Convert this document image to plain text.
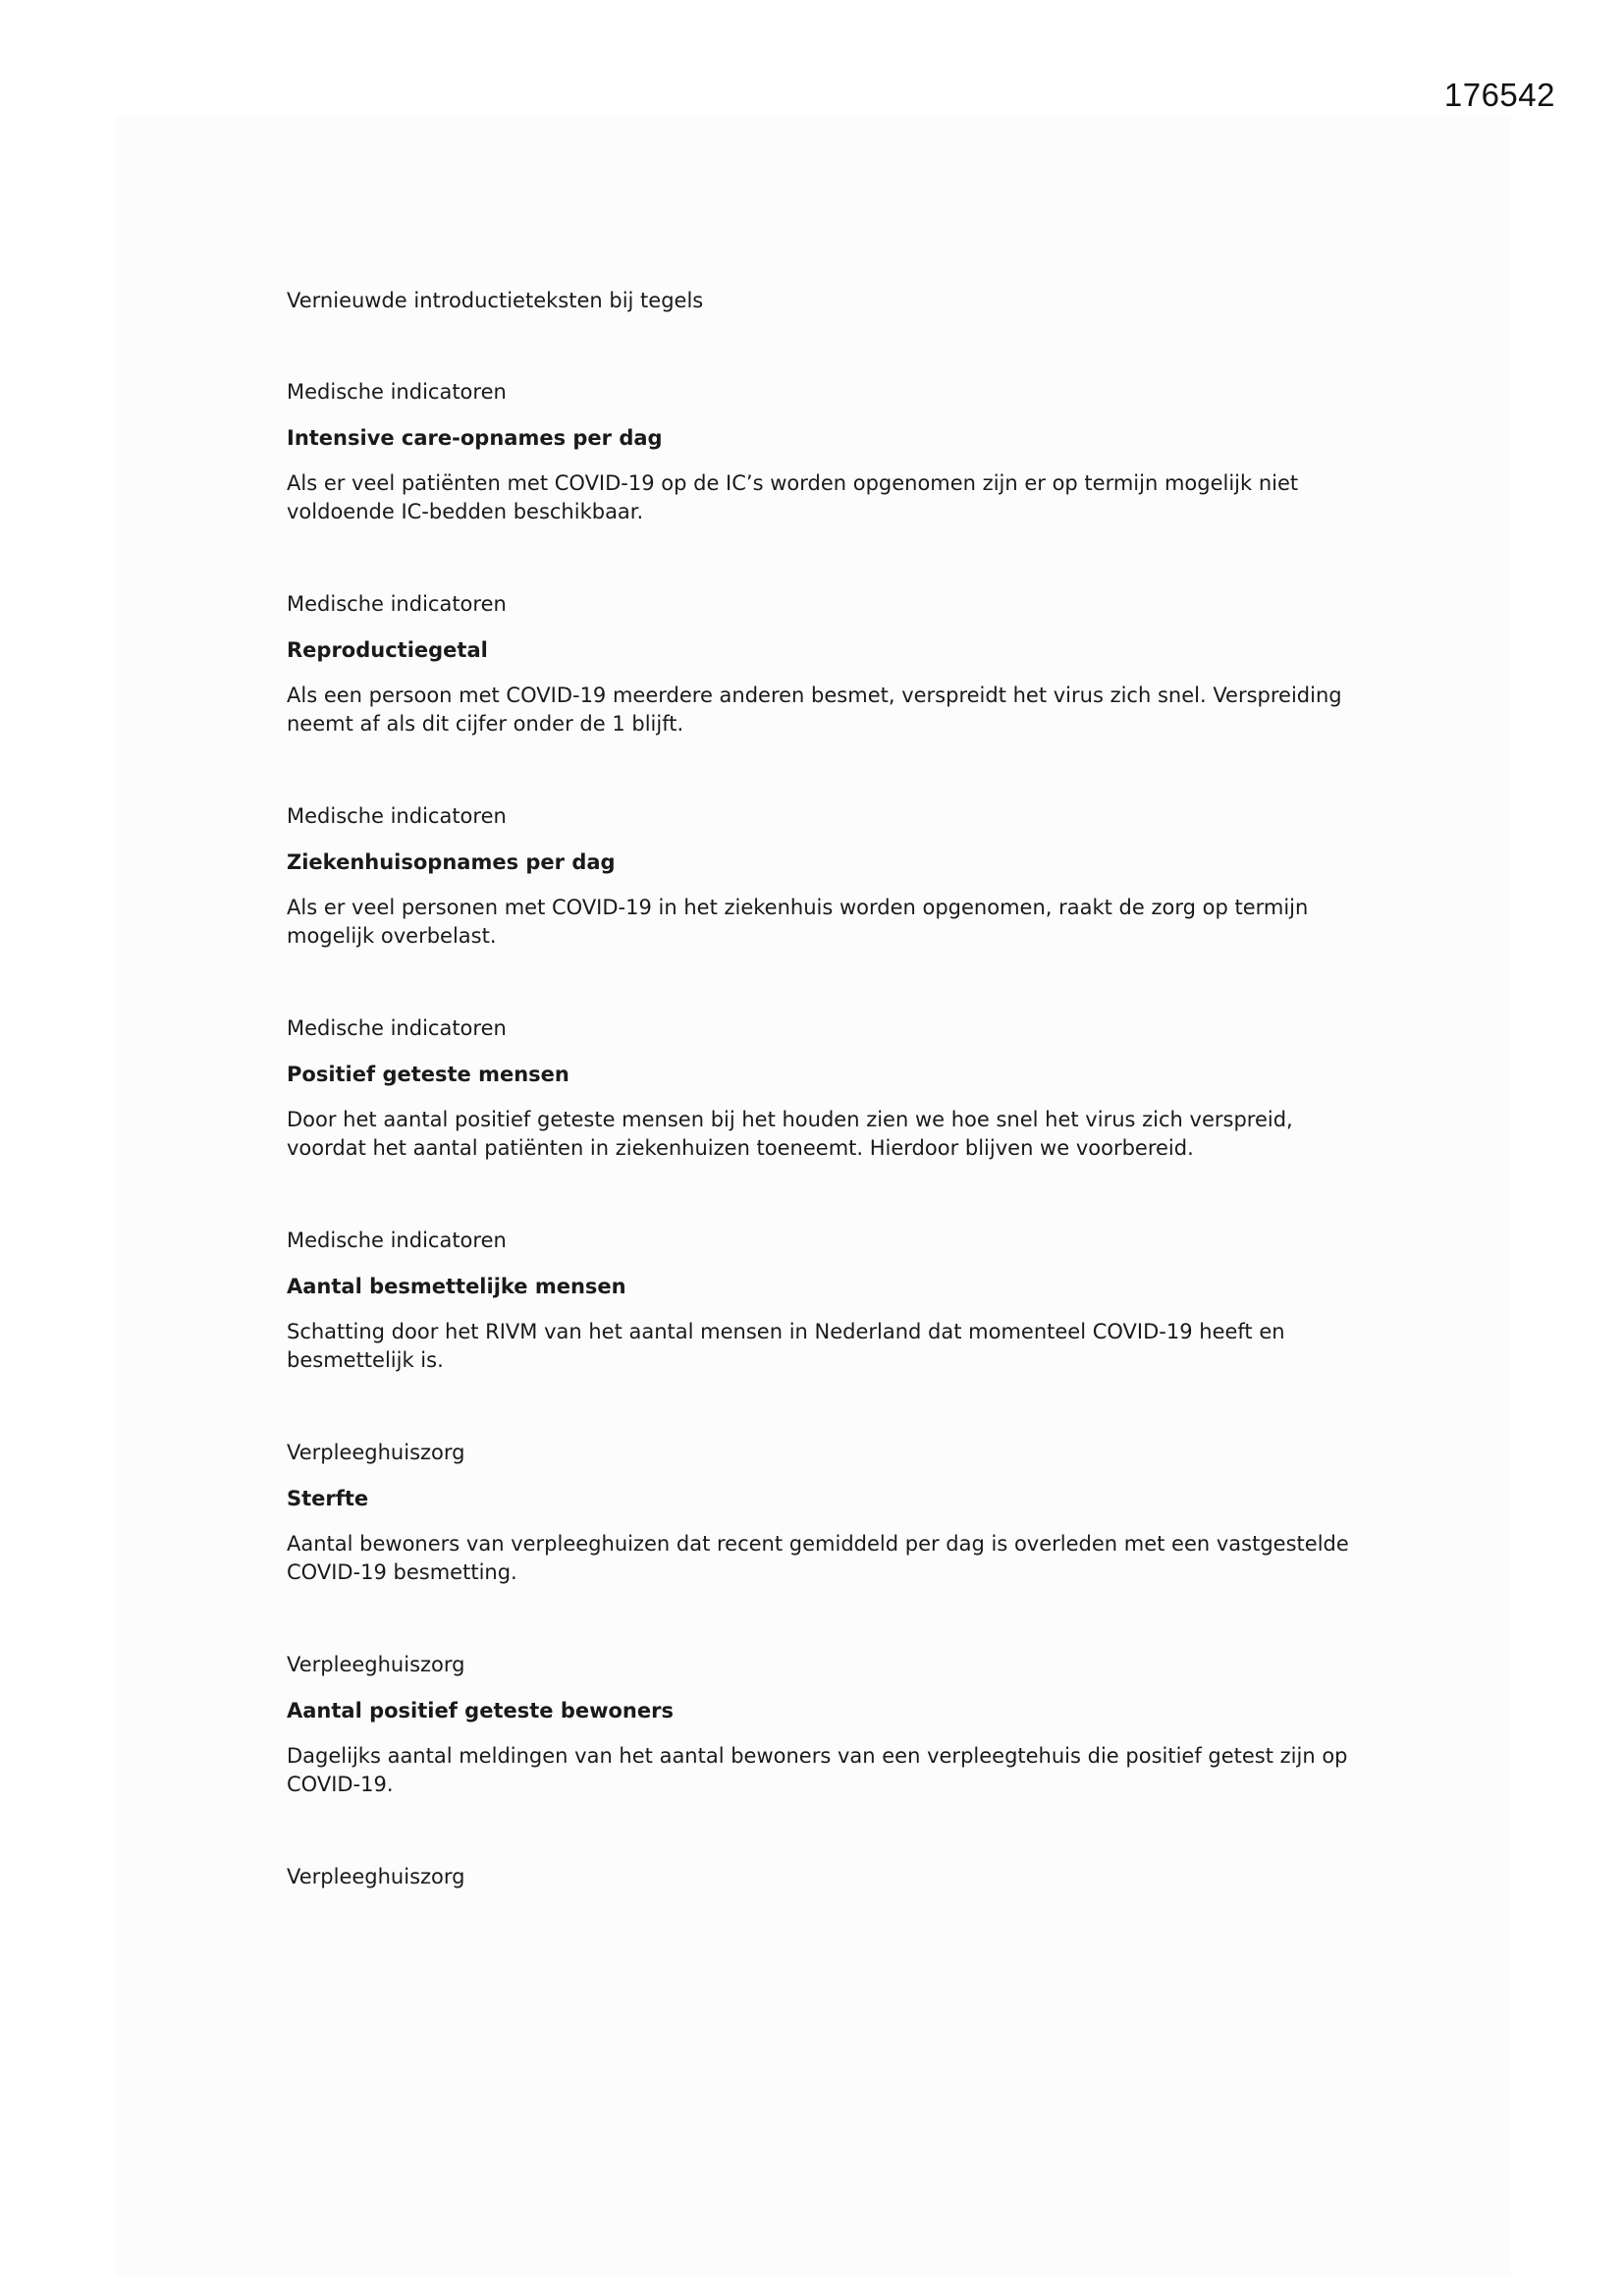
176542

Vernieuwde introductieteksten bij tegels

Medische indicatoren

Intensive care-opnames per dag

Als er veel patiënten met COVID-19 op de IC’s worden opgenomen zijn er op termijn mogelijk niet voldoende IC-bedden beschikbaar.

Medische indicatoren

Reproductiegetal

Als een persoon met COVID-19 meerdere anderen besmet, verspreidt het virus zich snel. Verspreiding neemt af als dit cijfer onder de 1 blijft.

Medische indicatoren

Ziekenhuisopnames per dag

Als er veel personen met COVID-19 in het ziekenhuis worden opgenomen, raakt de zorg op termijn mogelijk overbelast.

Medische indicatoren

Positief geteste mensen

Door het aantal positief geteste mensen bij het houden zien we hoe snel het virus zich verspreid, voordat het aantal patiënten in ziekenhuizen toeneemt. Hierdoor blijven we voorbereid.

Medische indicatoren

Aantal besmettelijke mensen

Schatting door het RIVM van het aantal mensen in Nederland dat momenteel COVID-19 heeft en besmettelijk is.

Verpleeghuiszorg

Sterfte

Aantal bewoners van verpleeghuizen dat recent gemiddeld per dag is overleden met een vastgestelde COVID-19 besmetting.

Verpleeghuiszorg

Aantal positief geteste bewoners

Dagelijks aantal meldingen van het aantal bewoners van een verpleegtehuis die positief getest zijn op COVID-19.

Verpleeghuiszorg
